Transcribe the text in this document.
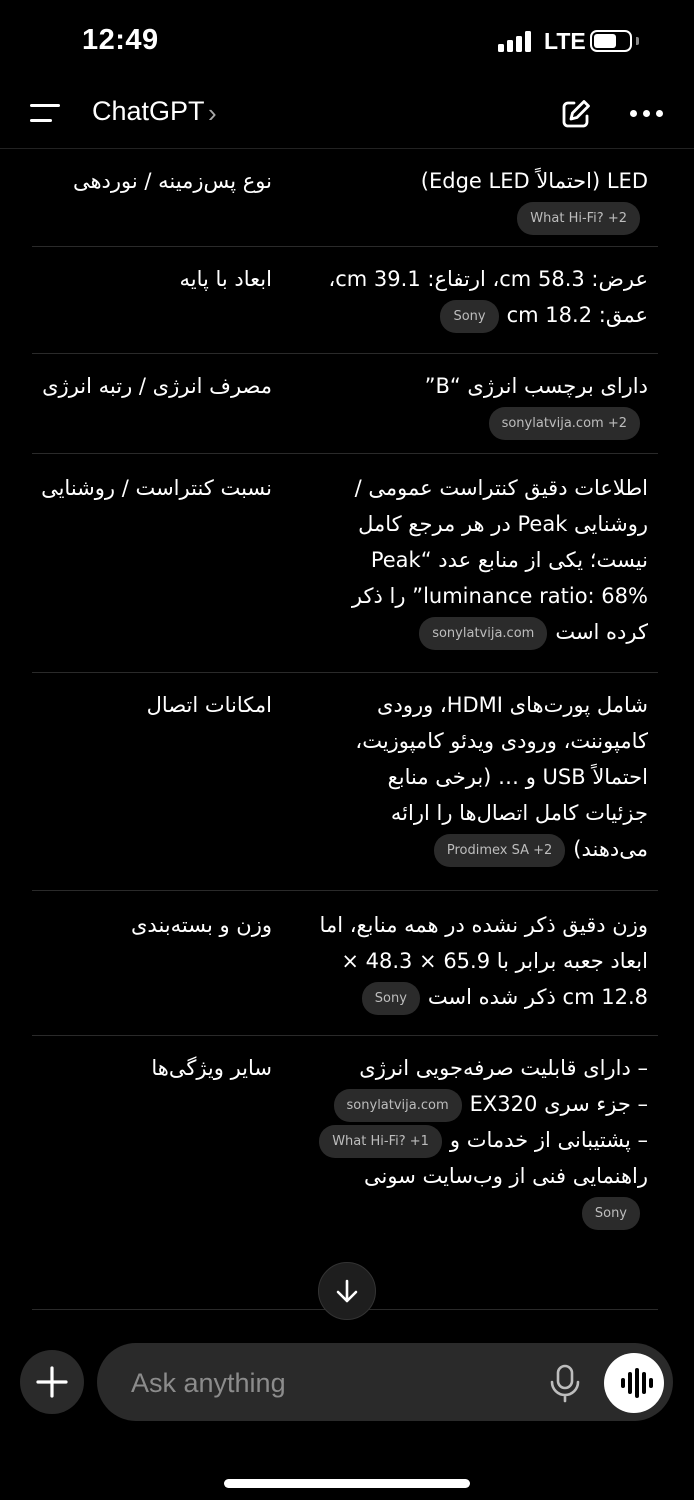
12:49	LTE
ChatGPT ›
نوع پس‌زمینه / نوردهی	LED (احتمالاً Edge LED)
What Hi-Fi? +2
ابعاد با پایه	عرض: 58.3 cm، ارتفاع: 39.1 cm،
عمق: 18.2 cmSony
مصرف انرژی / رتبه انرژی	دارای برچسب انرژی “B”
sonylatvija.com +2
نسبت کنتراست / روشنایی	اطلاعات دقیق کنتراست عمومی /
روشنایی Peak در هر مرجع کامل
نیست؛ یکی از منابع عدد “Peak
luminance ratio: 68%” را ذکر
کرده استsonylatvija.com
امکانات اتصال	شامل پورت‌های HDMI، ورودی
کامپوننت، ورودی ویدئو کامپوزیت،
احتمالاً USB و … (برخی منابع
جزئیات کامل اتصال‌ها را ارائه
می‌دهند)Prodimex SA +2
وزن و بسته‌بندی	وزن دقیق ذکر نشده در همه منابع، اما
ابعاد جعبه برابر با 65.9 × 48.3 ×
12.8 cm ذکر شده استSony
سایر ویژگی‌ها	– دارای قابلیت صرفه‌جویی انرژی
– جزء سری EX320sonylatvija.com
– پشتیبانی از خدمات وWhat Hi-Fi? +1
راهنمایی فنی از وب‌سایت سونی
Sony
Ask anything
